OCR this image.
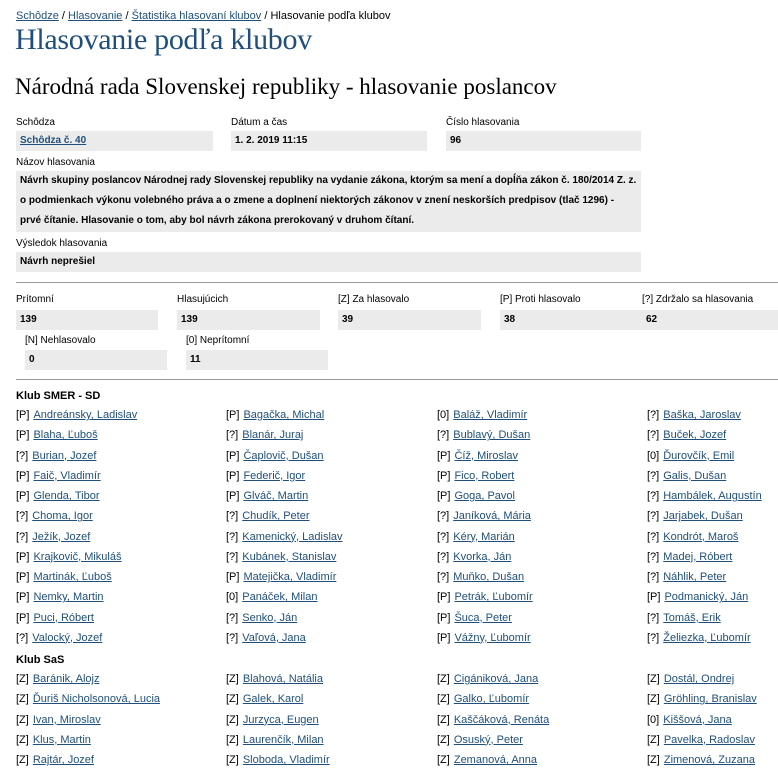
Schôdze / Hlasovanie / Štatistika hlasovaní klubov / Hlasovanie podľa klubov
Hlasovanie podľa klubov
Národná rada Slovenskej republiky - hlasovanie poslancov
Schôdza
Schôdza č. 40
Dátum a čas
1. 2. 2019 11:15
Číslo hlasovania
96
Názov hlasovania
Návrh skupiny poslancov Národnej rady Slovenskej republiky na vydanie zákona, ktorým sa mení a dopĺňa zákon č. 180/2014 Z. z. o podmienkach výkonu volebného práva a o zmene a doplnení niektorých zákonov v znení neskorších predpisov (tlač 1296) - prvé čítanie. Hlasovanie o tom, aby bol návrh zákona prerokovaný v druhom čítaní.
Výsledok hlasovania
Návrh neprešiel
Prítomní
139
Hlasujúcich
139
[Z] Za hlasovalo
39
[P] Proti hlasovalo
38
[?] Zdržalo sa hlasovania
62
[N] Nehlasovalo
0
[0] Neprítomní
11
Klub SMER - SD
[P] Andreánsky, Ladislav	[P] Bagačka, Michal	[0] Baláž, Vladimír	[?] Baška, Jaroslav
[P] Blaha, Ľuboš	[?] Blanár, Juraj	[?] Bublavý, Dušan	[?] Buček, Jozef
[?] Burian, Jozef	[P] Čaplovič, Dušan	[P] Číž, Miroslav	[0] Ďurovčík, Emil
[P] Faič, Vladimír	[P] Federič, Igor	[P] Fico, Robert	[?] Galis, Dušan
[P] Glenda, Tibor	[P] Glváč, Martin	[P] Goga, Pavol	[?] Hambálek, Augustín
[?] Choma, Igor	[?] Chudík, Peter	[?] Janíková, Mária	[?] Jarjabek, Dušan
[?] Ježík, Jozef	[?] Kamenický, Ladislav	[?] Kéry, Marián	[?] Kondrót, Maroš
[P] Krajkovič, Mikuláš	[?] Kubánek, Stanislav	[?] Kvorka, Ján	[?] Madej, Róbert
[P] Martinák, Ľuboš	[P] Matejička, Vladimír	[?] Muňko, Dušan	[?] Náhlik, Peter
[P] Nemky, Martin	[0] Panáček, Milan	[P] Petrák, Ľubomír	[P] Podmanický, Ján
[P] Puci, Róbert	[?] Senko, Ján	[P] Šuca, Peter	[?] Tomáš, Erik
[?] Valocký, Jozef	[?] Vaľová, Jana	[P] Vážny, Ľubomír	[?] Želiezka, Ľubomír
Klub SaS
[Z] Baránik, Alojz	[Z] Blahová, Natália	[Z] Cigániková, Jana	[Z] Dostál, Ondrej
[Z] Ďuriš Nicholsonová, Lucia	[Z] Galek, Karol	[Z] Galko, Ľubomír	[Z] Gröhling, Branislav
[Z] Ivan, Miroslav	[Z] Jurzyca, Eugen	[Z] Kaščáková, Renáta	[0] Kiššová, Jana
[Z] Klus, Martin	[Z] Laurenčík, Milan	[Z] Osuský, Peter	[Z] Pavelka, Radoslav
[Z] Rajtár, Jozef	[Z] Sloboda, Vladimír	[Z] Zemanová, Anna	[Z] Zimenová, Zuzana
